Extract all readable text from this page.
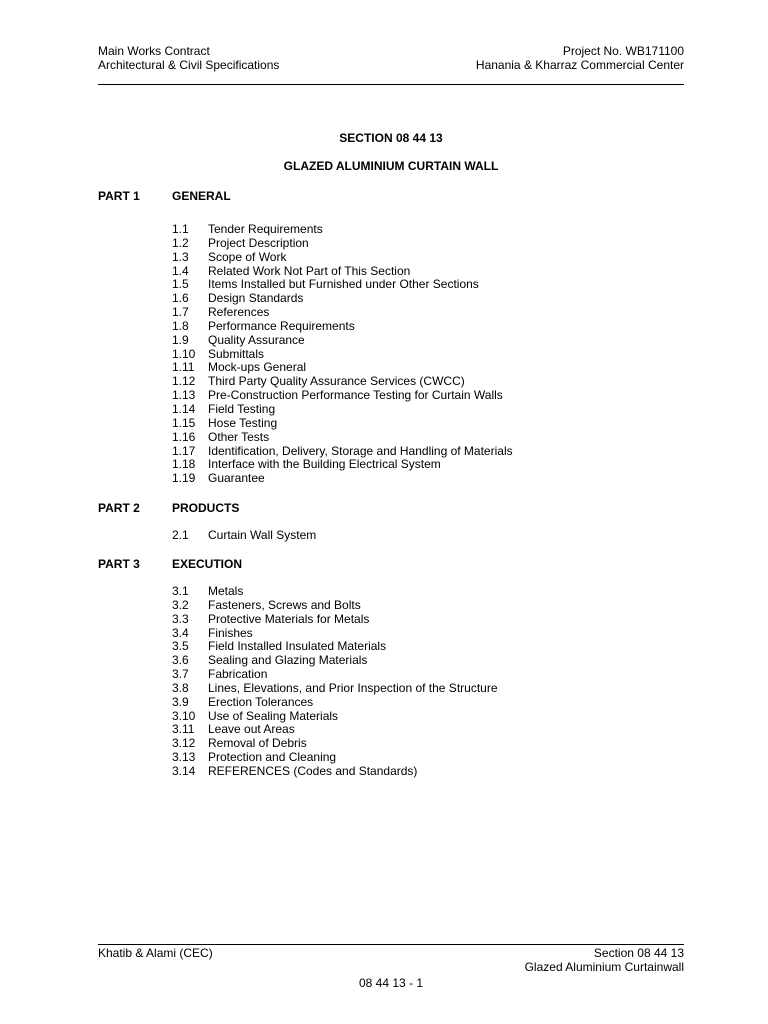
Main Works Contract	Project No. WB171100
Architectural & Civil Specifications	Hanania & Kharraz Commercial Center
SECTION 08 44 13
GLAZED ALUMINIUM CURTAIN WALL
PART 1	GENERAL
1.1 Tender Requirements
1.2 Project Description
1.3 Scope of Work
1.4 Related Work Not Part of This Section
1.5 Items Installed but Furnished under Other Sections
1.6 Design Standards
1.7 References
1.8 Performance Requirements
1.9 Quality Assurance
1.10 Submittals
1.11 Mock-ups General
1.12 Third Party Quality Assurance Services (CWCC)
1.13 Pre-Construction Performance Testing for Curtain Walls
1.14 Field Testing
1.15 Hose Testing
1.16 Other Tests
1.17 Identification, Delivery, Storage and Handling of Materials
1.18 Interface with the Building Electrical System
1.19 Guarantee
PART 2	PRODUCTS
2.1 Curtain Wall System
PART 3	EXECUTION
3.1 Metals
3.2 Fasteners, Screws and Bolts
3.3 Protective Materials for Metals
3.4 Finishes
3.5 Field Installed Insulated Materials
3.6 Sealing and Glazing Materials
3.7 Fabrication
3.8 Lines, Elevations, and Prior Inspection of the Structure
3.9 Erection Tolerances
3.10 Use of Sealing Materials
3.11 Leave out Areas
3.12 Removal of Debris
3.13 Protection and Cleaning
3.14 REFERENCES (Codes and Standards)
Khatib & Alami (CEC)	Section 08 44 13
Glazed Aluminium Curtainwall
08 44 13 - 1
